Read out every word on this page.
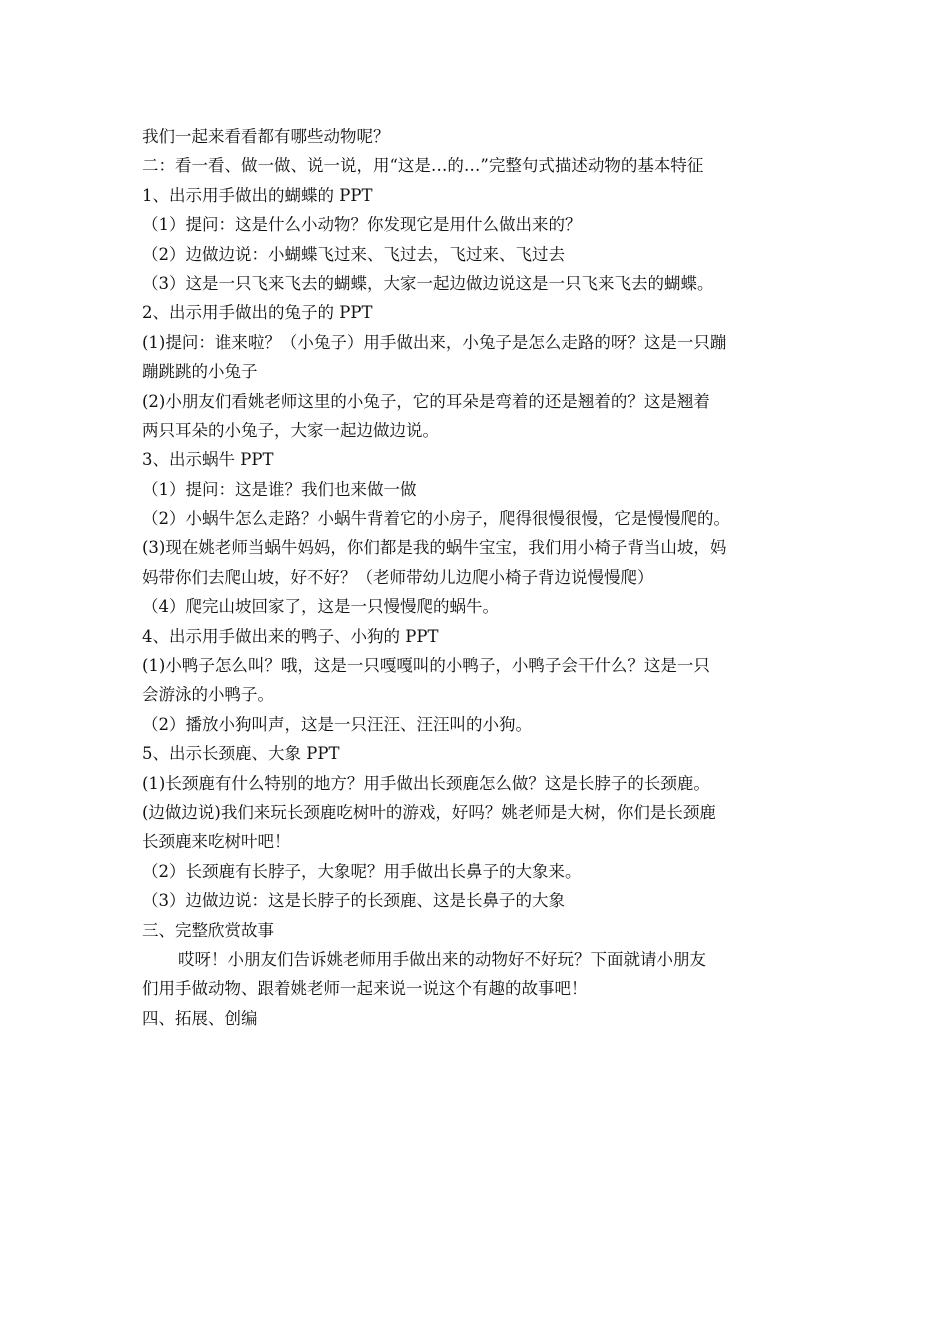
我们一起来看看都有哪些动物呢？
二：看一看、做一做、说一说，用“这是…的…”完整句式描述动物的基本特征
1、出示用手做出的蝴蝶的 PPT
（1）提问：这是什么小动物？你发现它是用什么做出来的？
（2）边做边说：小蝴蝶飞过来、飞过去，飞过来、飞过去
（3）这是一只飞来飞去的蝴蝶，大家一起边做边说这是一只飞来飞去的蝴蝶。
2、出示用手做出的兔子的 PPT
(1)提问：谁来啦？（小兔子）用手做出来，小兔子是怎么走路的呀？这是一只蹦
蹦跳跳的小兔子
(2)小朋友们看姚老师这里的小兔子，它的耳朵是弯着的还是翘着的？这是翘着
两只耳朵的小兔子，大家一起边做边说。
3、出示蜗牛 PPT
（1）提问：这是谁？我们也来做一做
（2）小蜗牛怎么走路？小蜗牛背着它的小房子，爬得很慢很慢，它是慢慢爬的。
(3)现在姚老师当蜗牛妈妈，你们都是我的蜗牛宝宝，我们用小椅子背当山坡，妈
妈带你们去爬山坡，好不好？（老师带幼儿边爬小椅子背边说慢慢爬）
（4）爬完山坡回家了，这是一只慢慢爬的蜗牛。
4、出示用手做出来的鸭子、小狗的 PPT
(1)小鸭子怎么叫？哦，这是一只嘎嘎叫的小鸭子，小鸭子会干什么？这是一只
会游泳的小鸭子。
（2）播放小狗叫声，这是一只汪汪、汪汪叫的小狗。
5、出示长颈鹿、大象 PPT
(1)长颈鹿有什么特别的地方？用手做出长颈鹿怎么做？这是长脖子的长颈鹿。
(边做边说)我们来玩长颈鹿吃树叶的游戏，好吗？姚老师是大树，你们是长颈鹿
长颈鹿来吃树叶吧！
（2）长颈鹿有长脖子，大象呢？用手做出长鼻子的大象来。
（3）边做边说：这是长脖子的长颈鹿、这是长鼻子的大象
三、完整欣赏故事
哎呀！小朋友们告诉姚老师用手做出来的动物好不好玩？下面就请小朋友
们用手做动物、跟着姚老师一起来说一说这个有趣的故事吧！
四、拓展、创编
